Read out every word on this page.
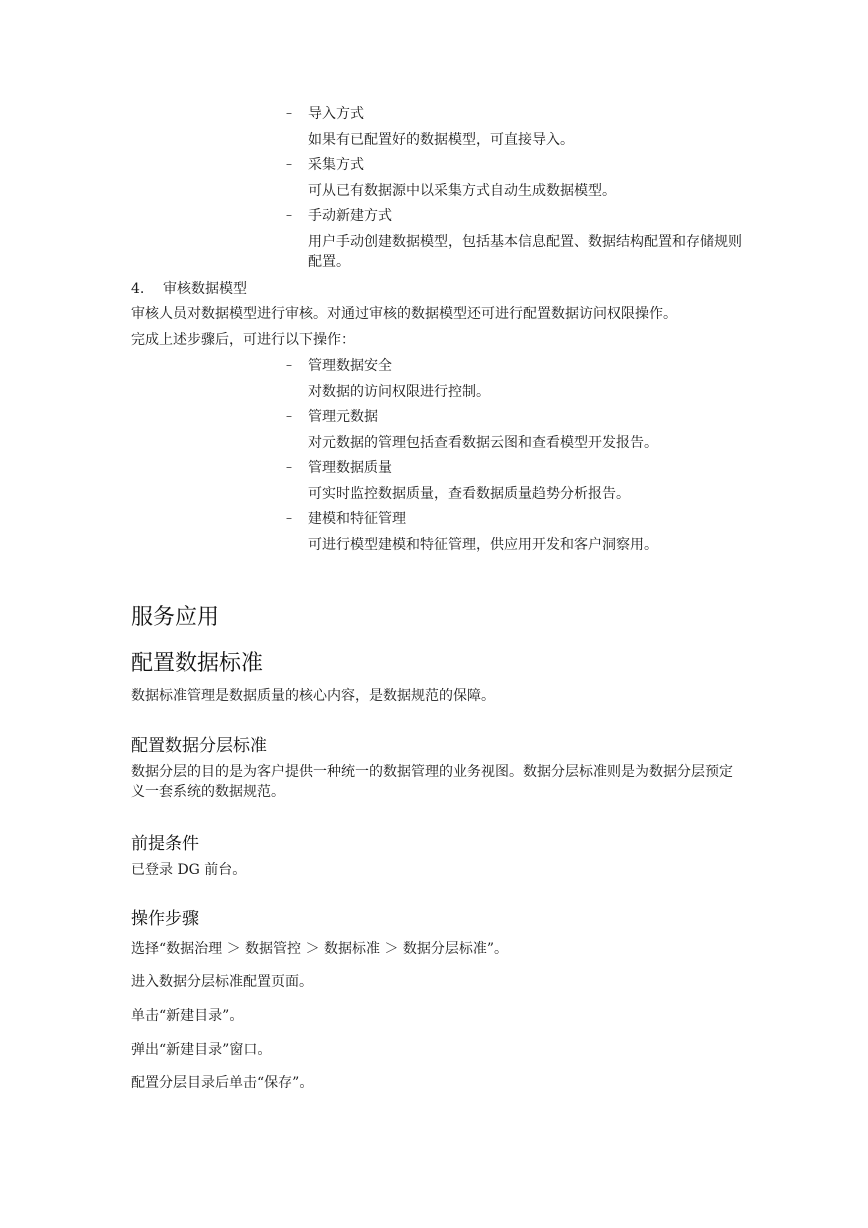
– 导入方式
如果有已配置好的数据模型，可直接导入。
– 采集方式
可从已有数据源中以采集方式自动生成数据模型。
– 手动新建方式
用户手动创建数据模型，包括基本信息配置、数据结构配置和存储规则配置。
4. 审核数据模型
审核人员对数据模型进行审核。对通过审核的数据模型还可进行配置数据访问权限操作。
完成上述步骤后，可进行以下操作：
– 管理数据安全
对数据的访问权限进行控制。
– 管理元数据
对元数据的管理包括查看数据云图和查看模型开发报告。
– 管理数据质量
可实时监控数据质量，查看数据质量趋势分析报告。
– 建模和特征管理
可进行模型建模和特征管理，供应用开发和客户洞察用。
服务应用
配置数据标准
数据标准管理是数据质量的核心内容，是数据规范的保障。
配置数据分层标准
数据分层的目的是为客户提供一种统一的数据管理的业务视图。数据分层标准则是为数据分层预定义一套系统的数据规范。
前提条件
已登录 DG 前台。
操作步骤
选择“数据治理 ＞ 数据管控 ＞ 数据标准 ＞ 数据分层标准”。
进入数据分层标准配置页面。
单击“新建目录”。
弹出“新建目录”窗口。
配置分层目录后单击“保存”。
